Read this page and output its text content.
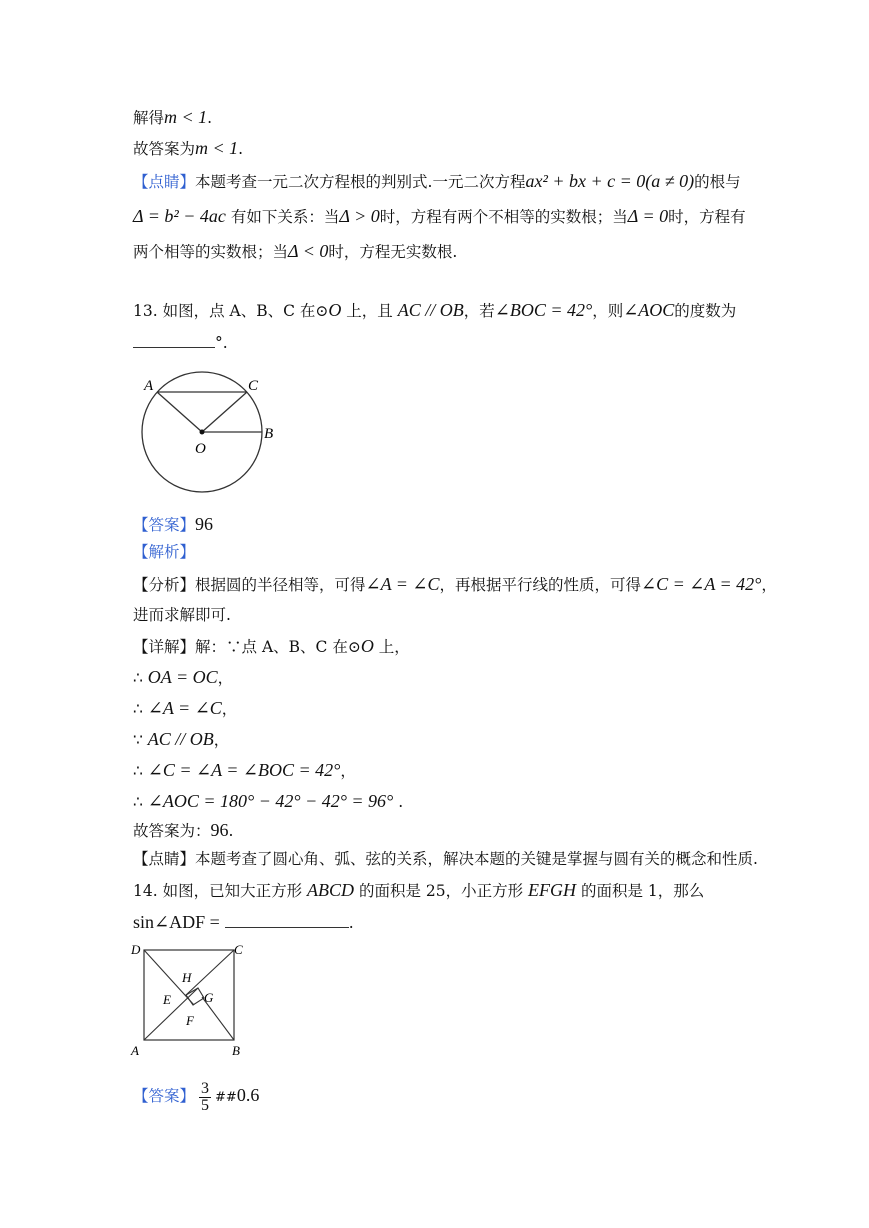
解得m < 1.
故答案为m < 1.
【点睛】本题考查一元二次方程根的判别式.一元二次方程ax² + bx + c = 0(a ≠ 0)的根与
Δ = b² − 4ac 有如下关系：当Δ > 0时，方程有两个不相等的实数根；当Δ = 0时，方程有
两个相等的实数根；当Δ < 0时，方程无实数根.
13. 如图，点 A、B、C 在⊙O 上，且 AC // OB，若∠BOC = 42°，则∠AOC的度数为
°.
A	C
O
B
【答案】96
【解析】
【分析】根据圆的半径相等，可得∠A = ∠C，再根据平行线的性质，可得∠C = ∠A = 42°，
进而求解即可.
【详解】解：∵点 A、B、C 在⊙O 上，
∴ OA = OC，
∴ ∠A = ∠C，
∵ AC // OB，
∴ ∠C = ∠A = ∠BOC = 42°，
∴ ∠AOC = 180° − 42° − 42° = 96° .
故答案为：96.
【点睛】本题考查了圆心角、弧、弦的关系，解决本题的关键是掌握与圆有关的概念和性质.
14. 如图，已知大正方形 ABCD 的面积是 25，小正方形 EFGH 的面积是 1，那么
sin∠ADF =	.
D	C
H
E	G
F
A	B
【答案】 $\frac{3}{5}$ ##0.6
